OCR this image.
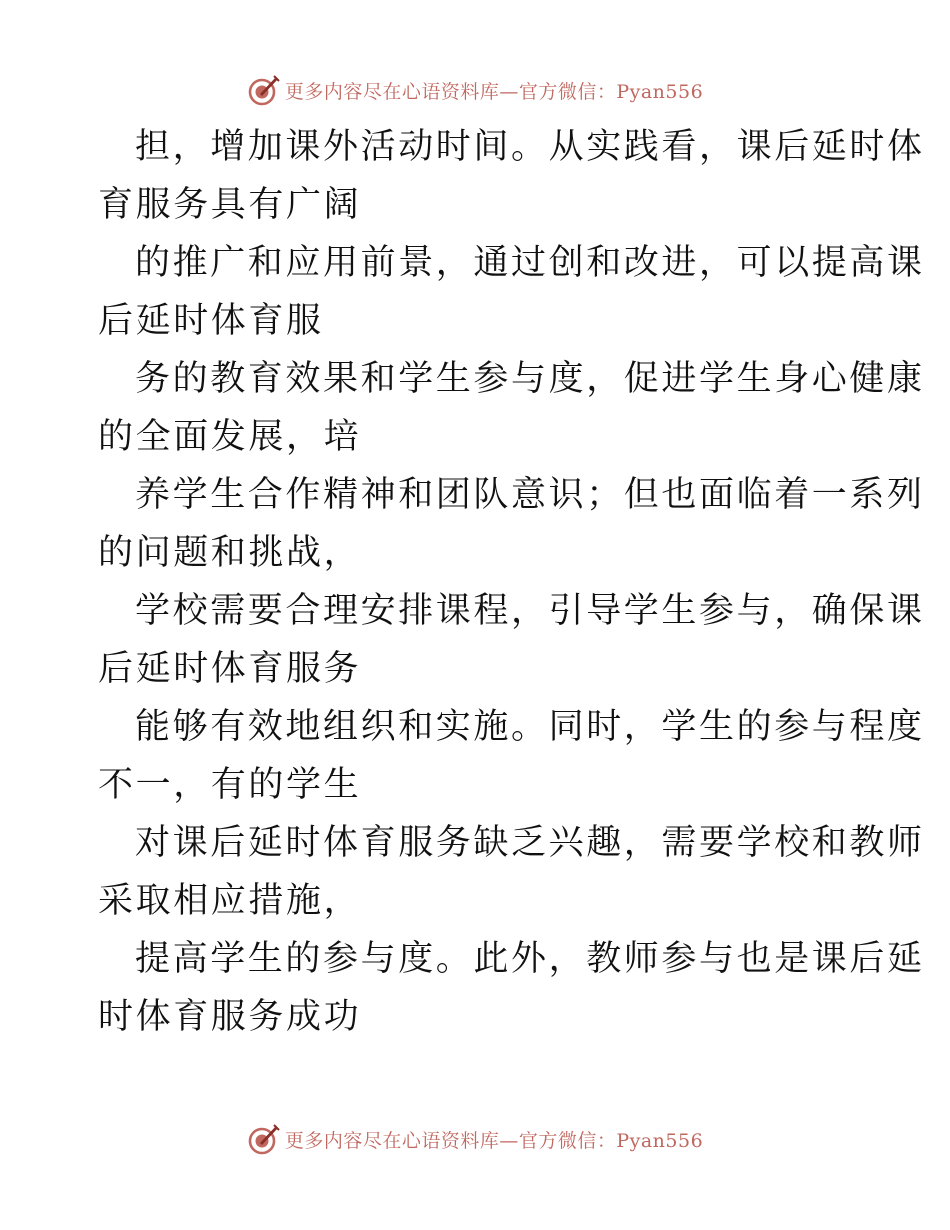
更多内容尽在心语资料库—官方微信：Pyan556
担，增加课外活动时间。从实践看，课后延时体
育服务具有广阔
的推广和应用前景，通过创和改进，可以提高课
后延时体育服
务的教育效果和学生参与度，促进学生身心健康
的全面发展，培
养学生合作精神和团队意识；但也面临着一系列
的问题和挑战，
学校需要合理安排课程，引导学生参与，确保课
后延时体育服务
能够有效地组织和实施。同时，学生的参与程度
不一，有的学生
对课后延时体育服务缺乏兴趣，需要学校和教师
采取相应措施，
提高学生的参与度。此外，教师参与也是课后延
时体育服务成功
更多内容尽在心语资料库—官方微信：Pyan556
